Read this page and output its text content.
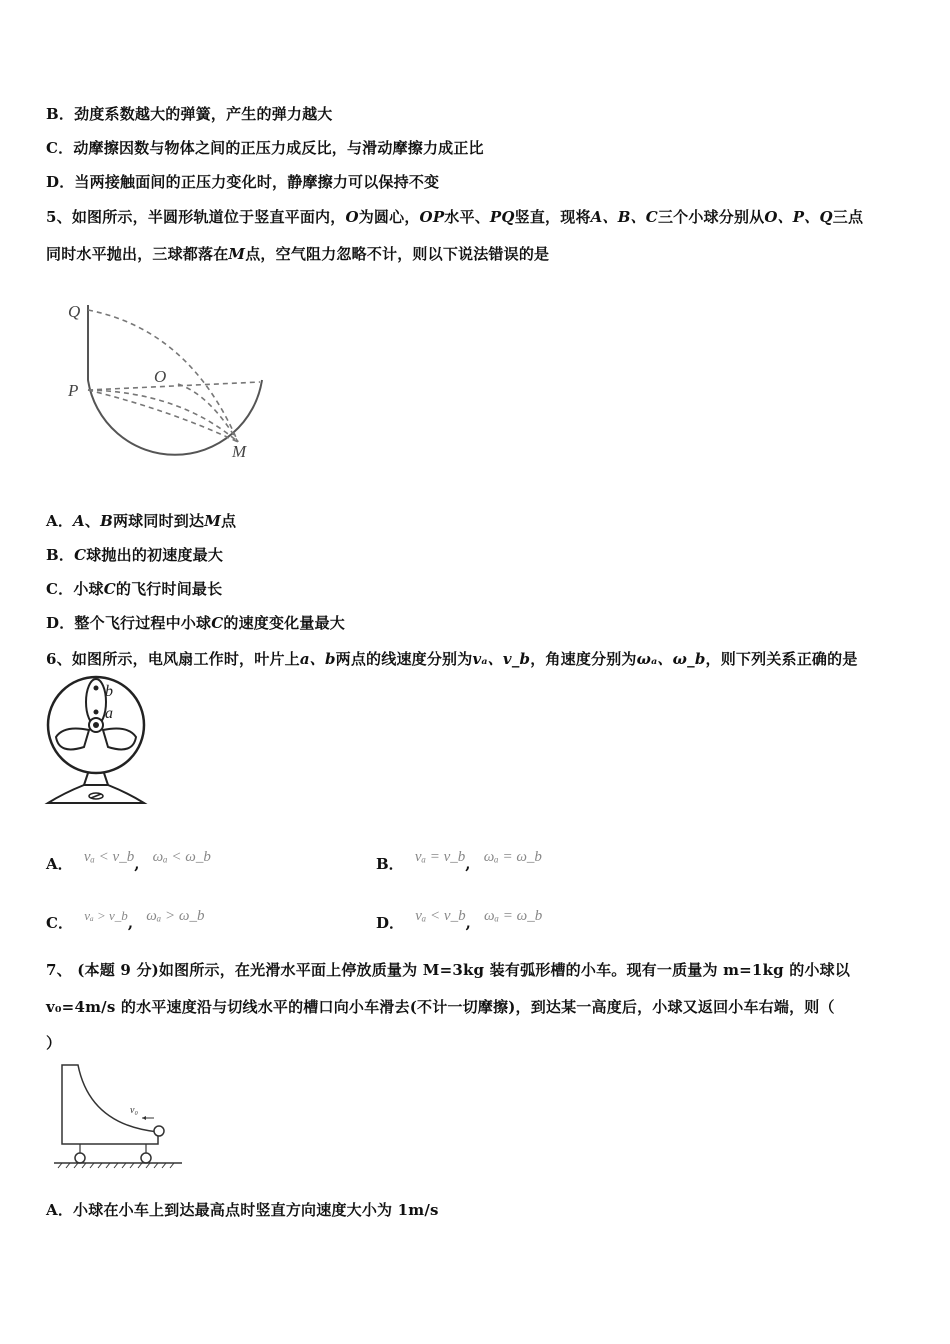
B．劲度系数越大的弹簧，产生的弹力越大
C．动摩擦因数与物体之间的正压力成反比，与滑动摩擦力成正比
D．当两接触面间的正压力变化时，静摩擦力可以保持不变
5、如图所示，半圆形轨道位于竖直平面内，O为圆心，OP水平、PQ竖直，现将A、B、C三个小球分别从O、P、Q三点
同时水平抛出，三球都落在M点，空气阻力忽略不计，则以下说法错误的是
Q
P
O
M
A．A、B两球同时到达M点
B．C球抛出的初速度最大
C．小球C的飞行时间最长
D．整个飞行过程中小球C的速度变化量最大
6、如图所示，电风扇工作时，叶片上a、b两点的线速度分别为vₐ、v_b，角速度分别为ωₐ、ω_b，则下列关系正确的是
b
a
A． vₐ < v_b, ωₐ < ω_b	B． vₐ = v_b, ωₐ = ω_b
C． vₐ > v_b, ωₐ > ω_b	D． vₐ < v_b, ωₐ = ω_b
7、 (本题 9 分)如图所示，在光滑水平面上停放质量为 M=3kg 装有弧形槽的小车。现有一质量为 m=1kg 的小球以
v₀=4m/s 的水平速度沿与切线水平的槽口向小车滑去(不计一切摩擦)，到达某一高度后，小球又返回小车右端，则（
）
v₀
A．小球在小车上到达最高点时竖直方向速度大小为 1m/s
